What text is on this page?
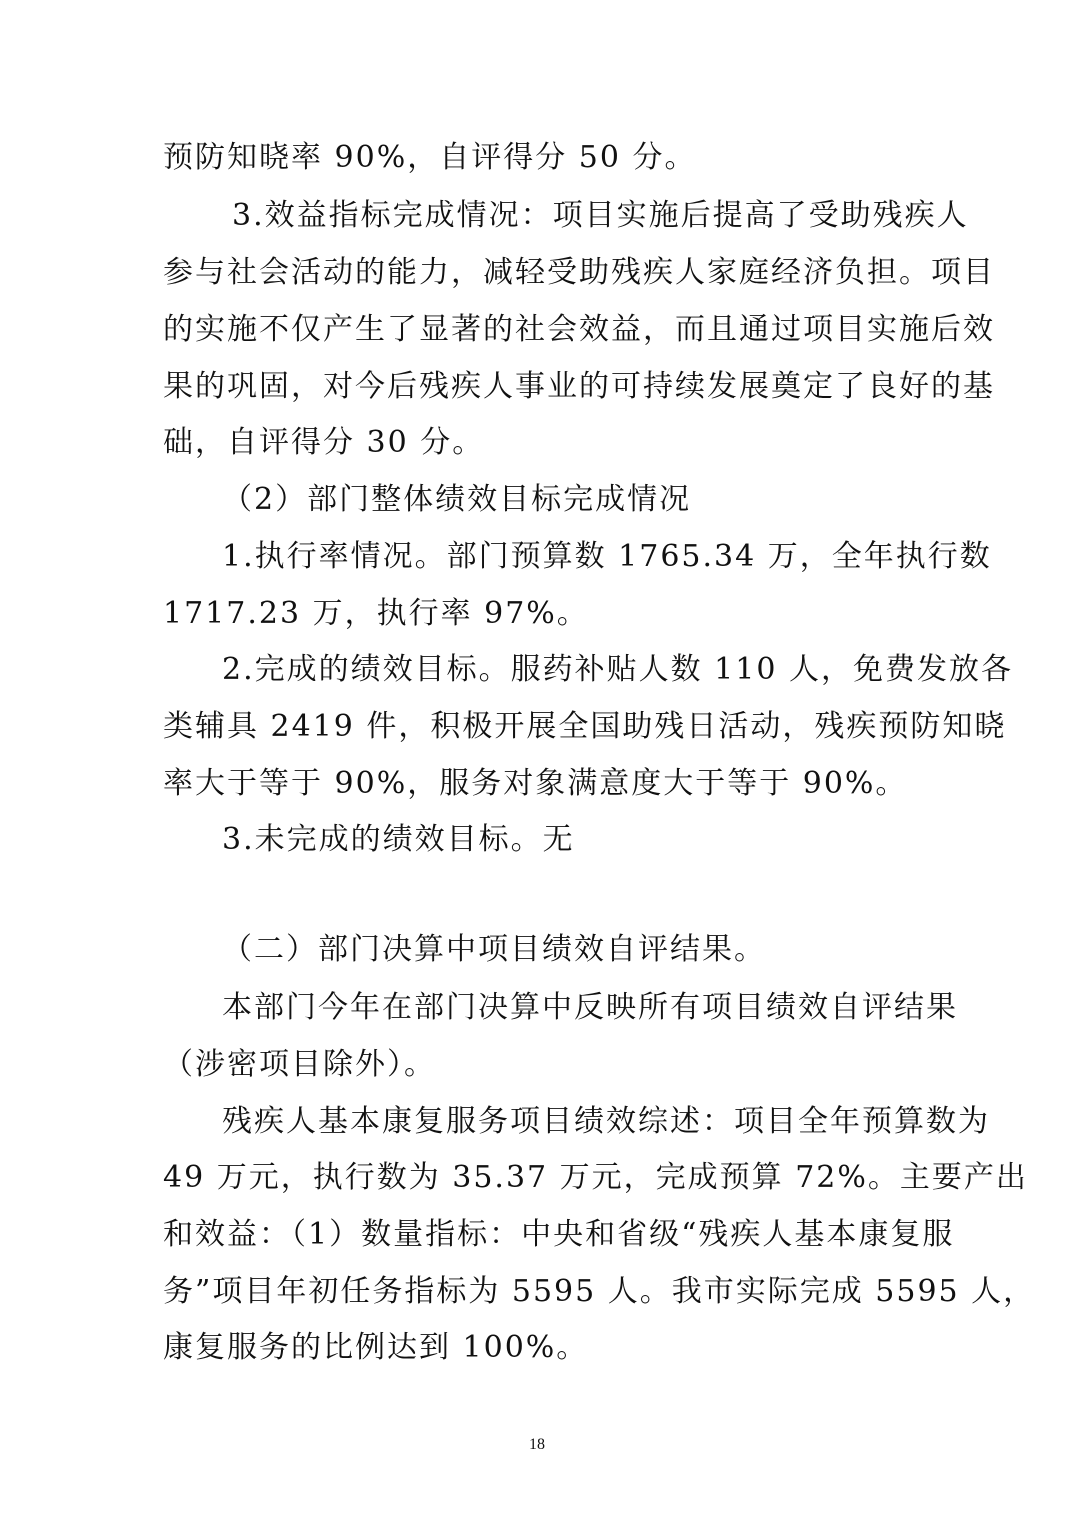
预防知晓率 90%，自评得分 50 分。
3.效益指标完成情况：项目实施后提高了受助残疾人
参与社会活动的能力，减轻受助残疾人家庭经济负担。项目
的实施不仅产生了显著的社会效益，而且通过项目实施后效
果的巩固，对今后残疾人事业的可持续发展奠定了良好的基
础，自评得分 30 分。
（2）部门整体绩效目标完成情况
1.执行率情况。部门预算数 1765.34 万，全年执行数
1717.23 万，执行率 97%。
2.完成的绩效目标。服药补贴人数 110 人，免费发放各
类辅具 2419 件，积极开展全国助残日活动，残疾预防知晓
率大于等于 90%，服务对象满意度大于等于 90%。
3.未完成的绩效目标。无
（二）部门决算中项目绩效自评结果。
本部门今年在部门决算中反映所有项目绩效自评结果
（涉密项目除外）。
残疾人基本康复服务项目绩效综述：项目全年预算数为
49 万元，执行数为 35.37 万元，完成预算 72%。主要产出
和效益：（1）数量指标：中央和省级“残疾人基本康复服
务”项目年初任务指标为 5595 人。我市实际完成 5595 人，
康复服务的比例达到 100%。
18
